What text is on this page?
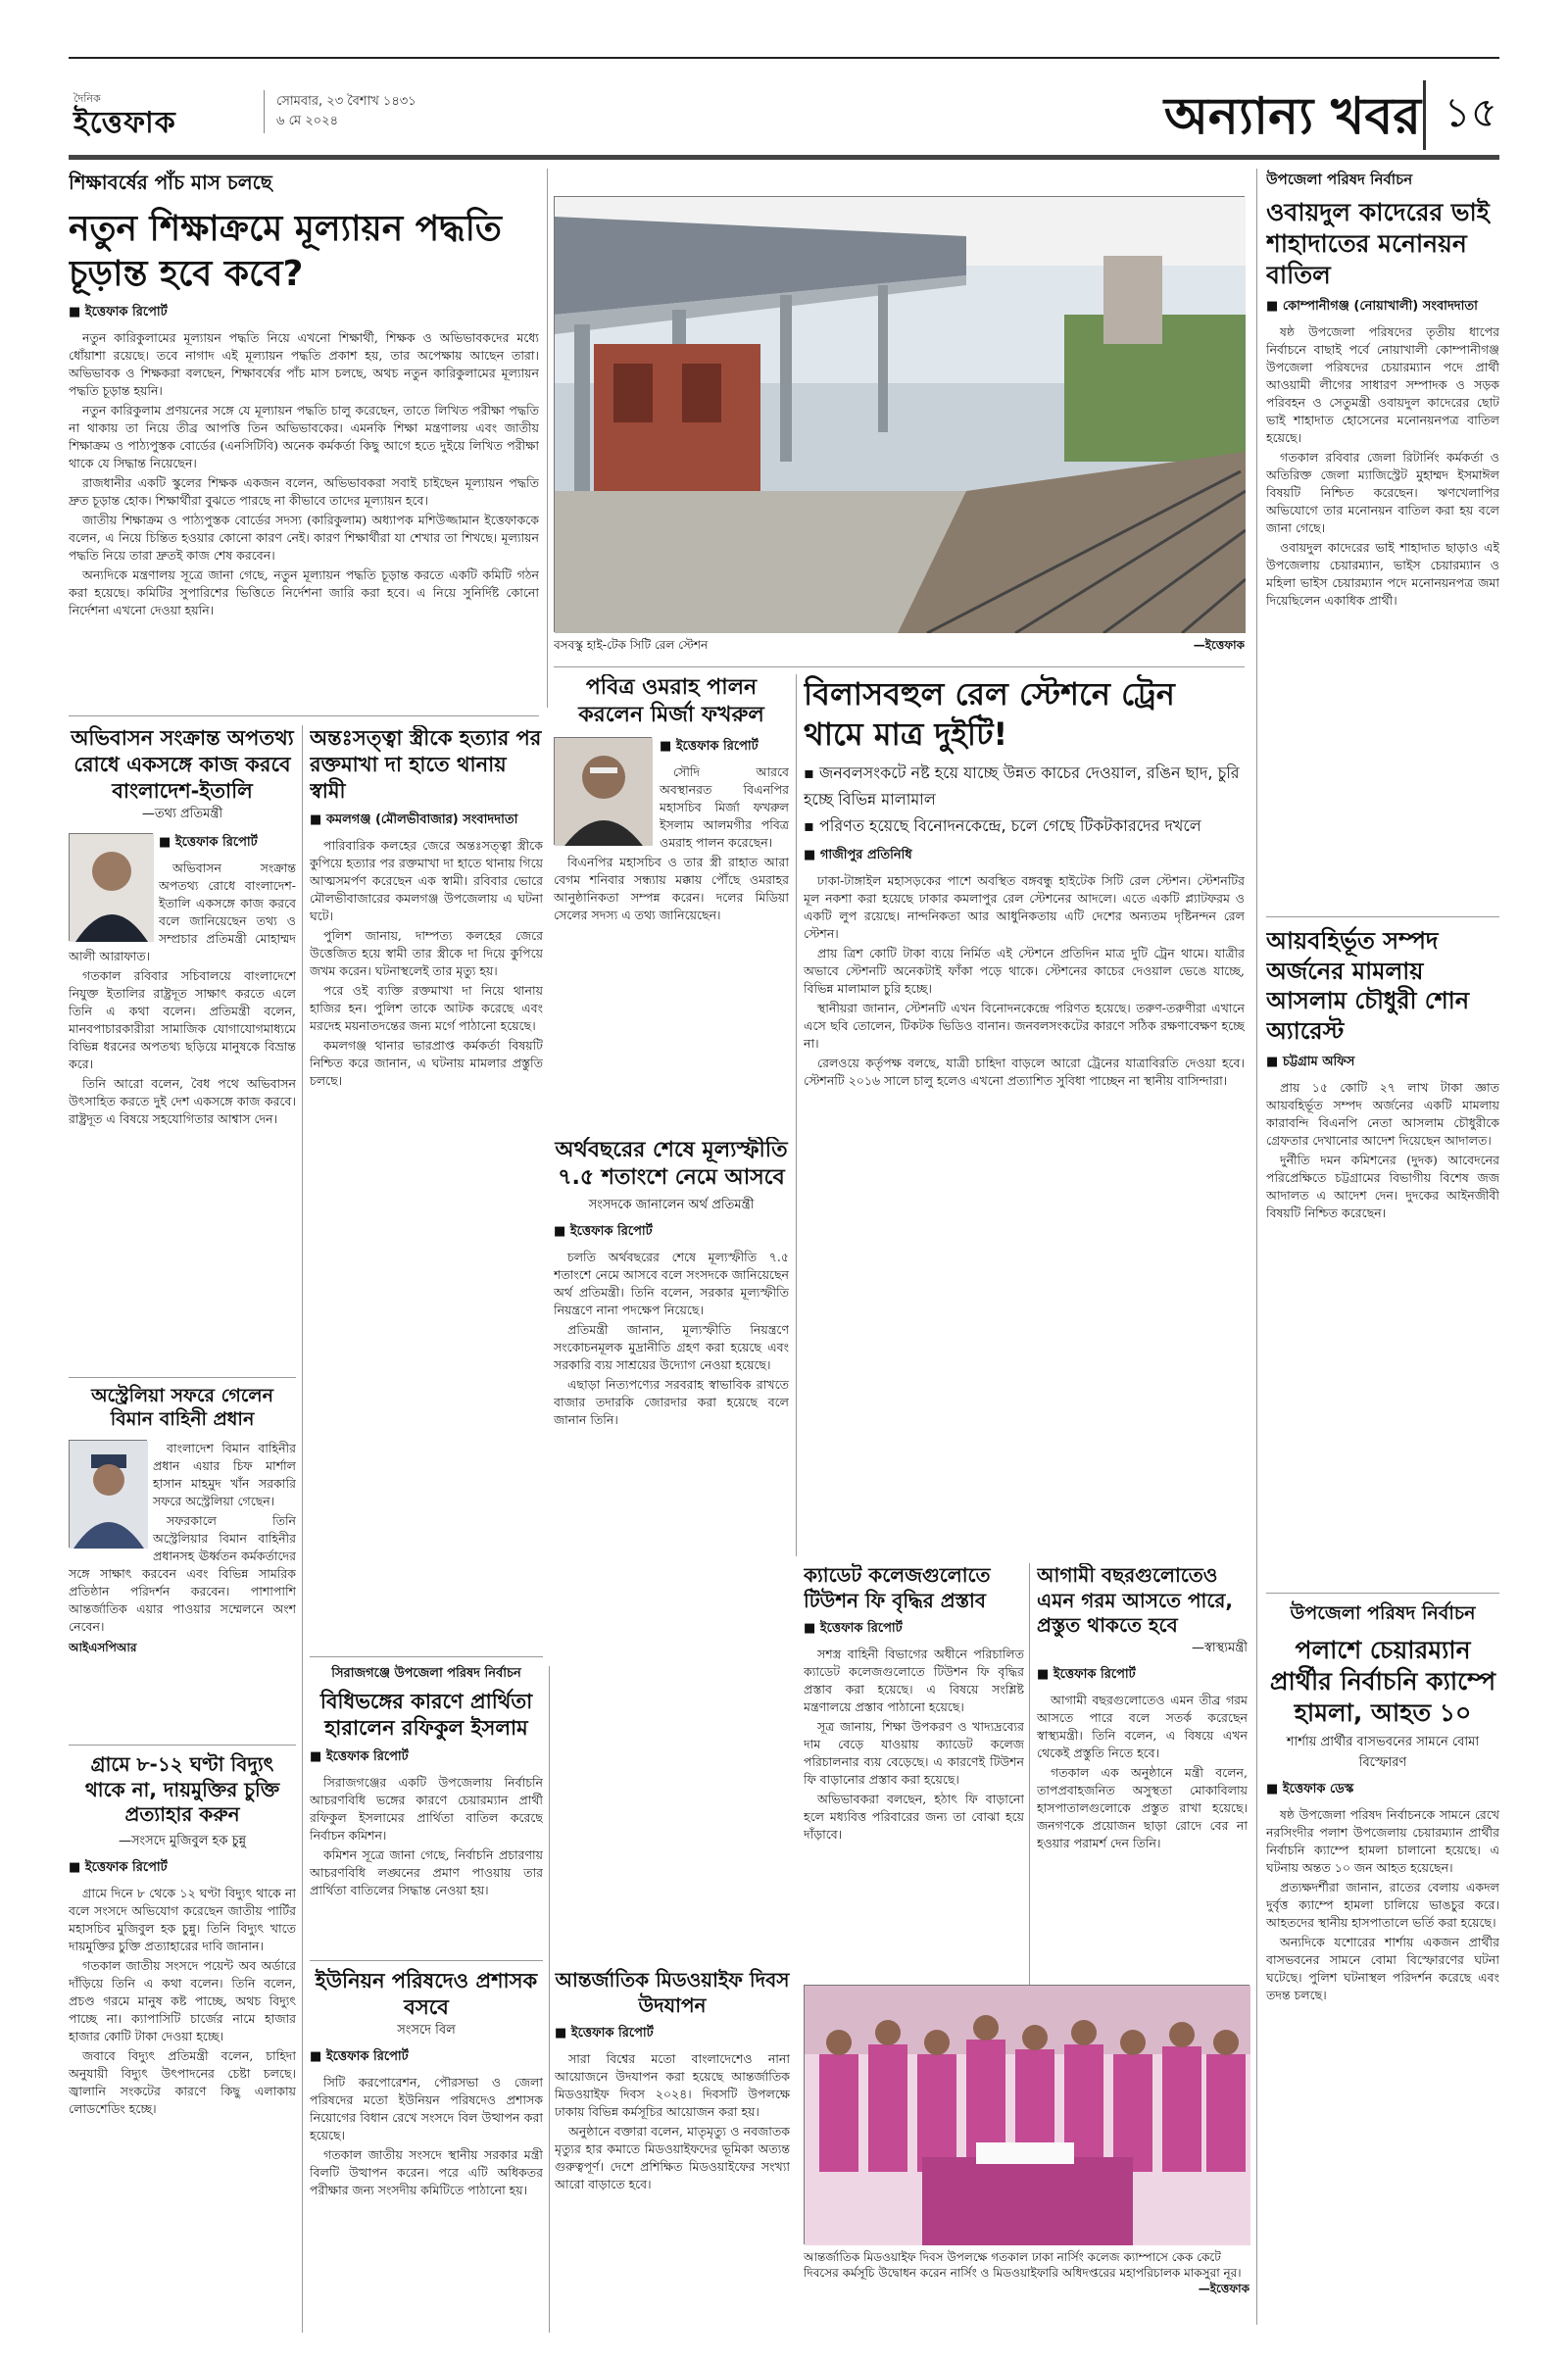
দৈনিক
ইত্তেফাক
সোমবার, ২৩ বৈশাখ ১৪৩১
৬ মে ২০২৪	অন্যান্য খবর ১৫
শিক্ষাবর্ষের পাঁচ মাস চলছে
নতুন শিক্ষাক্রমে মূল্যায়ন পদ্ধতি চূড়ান্ত হবে কবে?
■ ইত্তেফাক রিপোর্ট

নতুন কারিকুলামের মূল্যায়ন পদ্ধতি নিয়ে এখনো শিক্ষার্থী, শিক্ষক ও অভিভাবকদের মধ্যে ধোঁয়াশা রয়েছে। তবে নাগাদ এই মূল্যায়ন পদ্ধতি প্রকাশ হয়, তার অপেক্ষায় আছেন তারা। অভিভাবক ও শিক্ষকরা বলছেন, শিক্ষাবর্ষের পাঁচ মাস চলছে, অথচ নতুন কারিকুলামের মূল্যায়ন পদ্ধতি চূড়ান্ত হয়নি।

নতুন কারিকুলাম প্রণয়নের সঙ্গে যে মূল্যায়ন পদ্ধতি চালু করেছেন, তাতে লিখিত পরীক্ষা পদ্ধতি না থাকায় তা নিয়ে তীব্র আপত্তি তিন অভিভাবকের। এমনকি শিক্ষা মন্ত্রণালয় এবং জাতীয় শিক্ষাক্রম ও পাঠ্যপুস্তক বোর্ডের (এনসিটিবি) অনেক কর্মকর্তা কিছু আগে হতে দুইয়ে লিখিত পরীক্ষা থাকে যে সিদ্ধান্ত নিয়েছেন।

রাজধানীর একটি স্কুলের শিক্ষক একজন বলেন, অভিভাবকরা সবাই চাইছেন মূল্যায়ন পদ্ধতি দ্রুত চূড়ান্ত হোক। শিক্ষার্থীরা বুঝতে পারছে না কীভাবে তাদের মূল্যায়ন হবে।

জাতীয় শিক্ষাক্রম ও পাঠ্যপুস্তক বোর্ডের সদস্য (কারিকুলাম) অধ্যাপক মশিউজ্জামান ইত্তেফাককে বলেন, এ নিয়ে চিন্তিত হওয়ার কোনো কারণ নেই। কারণ শিক্ষার্থীরা যা শেখার তা শিখছে। মূল্যায়ন পদ্ধতি নিয়ে তারা দ্রুতই কাজ শেষ করবেন।

অন্যদিকে মন্ত্রণালয় সূত্রে জানা গেছে, নতুন মূল্যায়ন পদ্ধতি চূড়ান্ত করতে একটি কমিটি গঠন করা হয়েছে। কমিটির সুপারিশের ভিত্তিতে নির্দেশনা জারি করা হবে। এ নিয়ে সুনির্দিষ্ট কোনো নির্দেশনা এখনো দেওয়া হয়নি।

বসবস্কু হাই-টেক সিটি রেল স্টেশন	—ইত্তেফাক
উপজেলা পরিষদ নির্বাচন
ওবায়দুল কাদেরের ভাই শাহাদাতের মনোনয়ন বাতিল
■ কোম্পানীগঞ্জ (নোয়াখালী) সংবাদদাতা

ষষ্ঠ উপজেলা পরিষদের তৃতীয় ধাপের নির্বাচনে বাছাই পর্বে নোয়াখালী কোম্পানীগঞ্জ উপজেলা পরিষদের চেয়ারম্যান পদে প্রার্থী আওয়ামী লীগের সাধারণ সম্পাদক ও সড়ক পরিবহন ও সেতুমন্ত্রী ওবায়দুল কাদেরের ছোট ভাই শাহাদাত হোসেনের মনোনয়নপত্র বাতিল হয়েছে।

গতকাল রবিবার জেলা রিটার্নিং কর্মকর্তা ও অতিরিক্ত জেলা ম্যাজিস্ট্রেট মুহাম্মদ ইসমাঈল বিষয়টি নিশ্চিত করেছেন। ঋণখেলাপির অভিযোগে তার মনোনয়ন বাতিল করা হয় বলে জানা গেছে।

ওবায়দুল কাদেরের ভাই শাহাদাত ছাড়াও এই উপজেলায় চেয়ারম্যান, ভাইস চেয়ারম্যান ও মহিলা ভাইস চেয়ারম্যান পদে মনোনয়নপত্র জমা দিয়েছিলেন একাধিক প্রার্থী।

আয়বহির্ভূত সম্পদ অর্জনের মামলায় আসলাম চৌধুরী শোন অ্যারেস্ট
■ চট্টগ্রাম অফিস

প্রায় ১৫ কোটি ২৭ লাখ টাকা জ্ঞাত আয়বহির্ভূত সম্পদ অর্জনের একটি মামলায় কারাবন্দি বিএনপি নেতা আসলাম চৌধুরীকে গ্রেফতার দেখানোর আদেশ দিয়েছেন আদালত।

দুর্নীতি দমন কমিশনের (দুদক) আবেদনের পরিপ্রেক্ষিতে চট্টগ্রামের বিভাগীয় বিশেষ জজ আদালত এ আদেশ দেন। দুদকের আইনজীবী বিষয়টি নিশ্চিত করেছেন।

উপজেলা পরিষদ নির্বাচন
পলাশে চেয়ারম্যান প্রার্থীর নির্বাচনি ক্যাম্পে হামলা, আহত ১০
শার্শায় প্রার্থীর বাসভবনের সামনে বোমা বিস্ফোরণ
■ ইত্তেফাক ডেস্ক

ষষ্ঠ উপজেলা পরিষদ নির্বাচনকে সামনে রেখে নরসিংদীর পলাশ উপজেলায় চেয়ারম্যান প্রার্থীর নির্বাচনি ক্যাম্পে হামলা চালানো হয়েছে। এ ঘটনায় অন্তত ১০ জন আহত হয়েছেন।

প্রত্যক্ষদর্শীরা জানান, রাতের বেলায় একদল দুর্বৃত্ত ক্যাম্পে হামলা চালিয়ে ভাঙচুর করে। আহতদের স্থানীয় হাসপাতালে ভর্তি করা হয়েছে।

অন্যদিকে যশোরের শার্শায় একজন প্রার্থীর বাসভবনের সামনে বোমা বিস্ফোরণের ঘটনা ঘটেছে। পুলিশ ঘটনাস্থল পরিদর্শন করেছে এবং তদন্ত চলছে।

পবিত্র ওমরাহ পালন করলেন মির্জা ফখরুল
■ ইত্তেফাক রিপোর্ট

সৌদি আরবে অবস্থানরত বিএনপির মহাসচিব মির্জা ফখরুল ইসলাম আলমগীর পবিত্র ওমরাহ পালন করেছেন।

বিএনপির মহাসচিব ও তার স্ত্রী রাহাত আরা বেগম শনিবার সন্ধ্যায় মক্কায় পৌঁছে ওমরাহর আনুষ্ঠানিকতা সম্পন্ন করেন। দলের মিডিয়া সেলের সদস্য এ তথ্য জানিয়েছেন।

অর্থবছরের শেষে মূল্যস্ফীতি ৭.৫ শতাংশে নেমে আসবে
সংসদকে জানালেন অর্থ প্রতিমন্ত্রী
■ ইত্তেফাক রিপোর্ট

চলতি অর্থবছরের শেষে মূল্যস্ফীতি ৭.৫ শতাংশে নেমে আসবে বলে সংসদকে জানিয়েছেন অর্থ প্রতিমন্ত্রী। তিনি বলেন, সরকার মূল্যস্ফীতি নিয়ন্ত্রণে নানা পদক্ষেপ নিয়েছে।

প্রতিমন্ত্রী জানান, মূল্যস্ফীতি নিয়ন্ত্রণে সংকোচনমূলক মুদ্রানীতি গ্রহণ করা হয়েছে এবং সরকারি ব্যয় সাশ্রয়ের উদ্যোগ নেওয়া হয়েছে।

এছাড়া নিত্যপণ্যের সরবরাহ স্বাভাবিক রাখতে বাজার তদারকি জোরদার করা হয়েছে বলে জানান তিনি।

বিলাসবহুল রেল স্টেশনে ট্রেন থামে মাত্র দুইটি!
▪ জনবলসংকটে নষ্ট হয়ে যাচ্ছে উন্নত কাচের দেওয়াল, রঙিন ছাদ, চুরি হচ্ছে বিভিন্ন মালামাল
▪ পরিণত হয়েছে বিনোদনকেন্দ্রে, চলে গেছে টিকটকারদের দখলে
■ গাজীপুর প্রতিনিধি

ঢাকা-টাঙ্গাইল মহাসড়কের পাশে অবস্থিত বঙ্গবন্ধু হাইটেক সিটি রেল স্টেশন। স্টেশনটির মূল নকশা করা হয়েছে ঢাকার কমলাপুর রেল স্টেশনের আদলে। এতে একটি প্ল্যাটফরম ও একটি লুপ রয়েছে। নান্দনিকতা আর আধুনিকতায় এটি দেশের অন্যতম দৃষ্টিনন্দন রেল স্টেশন।

প্রায় ত্রিশ কোটি টাকা ব্যয়ে নির্মিত এই স্টেশনে প্রতিদিন মাত্র দুটি ট্রেন থামে। যাত্রীর অভাবে স্টেশনটি অনেকটাই ফাঁকা পড়ে থাকে। স্টেশনের কাচের দেওয়াল ভেঙে যাচ্ছে, বিভিন্ন মালামাল চুরি হচ্ছে।

স্থানীয়রা জানান, স্টেশনটি এখন বিনোদনকেন্দ্রে পরিণত হয়েছে। তরুণ-তরুণীরা এখানে এসে ছবি তোলেন, টিকটক ভিডিও বানান। জনবলসংকটের কারণে সঠিক রক্ষণাবেক্ষণ হচ্ছে না।

রেলওয়ে কর্তৃপক্ষ বলছে, যাত্রী চাহিদা বাড়লে আরো ট্রেনের যাত্রাবিরতি দেওয়া হবে। স্টেশনটি ২০১৬ সালে চালু হলেও এখনো প্রত্যাশিত সুবিধা পাচ্ছেন না স্থানীয় বাসিন্দারা।

অভিবাসন সংক্রান্ত অপতথ্য রোধে একসঙ্গে কাজ করবে বাংলাদেশ-ইতালি
—তথ্য প্রতিমন্ত্রী
■ ইত্তেফাক রিপোর্ট

অভিবাসন সংক্রান্ত অপতথ্য রোধে বাংলাদেশ-ইতালি একসঙ্গে কাজ করবে বলে জানিয়েছেন তথ্য ও সম্প্রচার প্রতিমন্ত্রী মোহাম্মদ আলী আরাফাত।

গতকাল রবিবার সচিবালয়ে বাংলাদেশে নিযুক্ত ইতালির রাষ্ট্রদূত সাক্ষাৎ করতে এলে তিনি এ কথা বলেন। প্রতিমন্ত্রী বলেন, মানবপাচারকারীরা সামাজিক যোগাযোগমাধ্যমে বিভিন্ন ধরনের অপতথ্য ছড়িয়ে মানুষকে বিভ্রান্ত করে।

তিনি আরো বলেন, বৈধ পথে অভিবাসন উৎসাহিত করতে দুই দেশ একসঙ্গে কাজ করবে। রাষ্ট্রদূত এ বিষয়ে সহযোগিতার আশ্বাস দেন।

অন্তঃসত্ত্বা স্ত্রীকে হত্যার পর রক্তমাখা দা হাতে থানায় স্বামী
■ কমলগঞ্জ (মৌলভীবাজার) সংবাদদাতা

পারিবারিক কলহের জেরে অন্তঃসত্ত্বা স্ত্রীকে কুপিয়ে হত্যার পর রক্তমাখা দা হাতে থানায় গিয়ে আত্মসমর্পণ করেছেন এক স্বামী। রবিবার ভোরে মৌলভীবাজারের কমলগঞ্জ উপজেলায় এ ঘটনা ঘটে।

পুলিশ জানায়, দাম্পত্য কলহের জেরে উত্তেজিত হয়ে স্বামী তার স্ত্রীকে দা দিয়ে কুপিয়ে জখম করেন। ঘটনাস্থলেই তার মৃত্যু হয়।

পরে ওই ব্যক্তি রক্তমাখা দা নিয়ে থানায় হাজির হন। পুলিশ তাকে আটক করেছে এবং মরদেহ ময়নাতদন্তের জন্য মর্গে পাঠানো হয়েছে।

কমলগঞ্জ থানার ভারপ্রাপ্ত কর্মকর্তা বিষয়টি নিশ্চিত করে জানান, এ ঘটনায় মামলার প্রস্তুতি চলছে।

অস্ট্রেলিয়া সফরে গেলেন বিমান বাহিনী প্রধান

বাংলাদেশ বিমান বাহিনীর প্রধান এয়ার চিফ মার্শাল হাসান মাহমুদ খাঁন সরকারি সফরে অস্ট্রেলিয়া গেছেন।

সফরকালে তিনি অস্ট্রেলিয়ার বিমান বাহিনীর প্রধানসহ ঊর্ধ্বতন কর্মকর্তাদের সঙ্গে সাক্ষাৎ করবেন এবং বিভিন্ন সামরিক প্রতিষ্ঠান পরিদর্শন করবেন। পাশাপাশি আন্তর্জাতিক এয়ার পাওয়ার সম্মেলনে অংশ নেবেন।

আইএসপিআর
গ্রামে ৮-১২ ঘণ্টা বিদ্যুৎ থাকে না, দায়মুক্তির চুক্তি প্রত্যাহার করুন
—সংসদে মুজিবুল হক চুন্নু
■ ইত্তেফাক রিপোর্ট

গ্রামে দিনে ৮ থেকে ১২ ঘণ্টা বিদ্যুৎ থাকে না বলে সংসদে অভিযোগ করেছেন জাতীয় পার্টির মহাসচিব মুজিবুল হক চুন্নু। তিনি বিদ্যুৎ খাতে দায়মুক্তির চুক্তি প্রত্যাহারের দাবি জানান।

গতকাল জাতীয় সংসদে পয়েন্ট অব অর্ডারে দাঁড়িয়ে তিনি এ কথা বলেন। তিনি বলেন, প্রচণ্ড গরমে মানুষ কষ্ট পাচ্ছে, অথচ বিদ্যুৎ পাচ্ছে না। ক্যাপাসিটি চার্জের নামে হাজার হাজার কোটি টাকা দেওয়া হচ্ছে।

জবাবে বিদ্যুৎ প্রতিমন্ত্রী বলেন, চাহিদা অনুযায়ী বিদ্যুৎ উৎপাদনের চেষ্টা চলছে। জ্বালানি সংকটের কারণে কিছু এলাকায় লোডশেডিং হচ্ছে।

সিরাজগঞ্জে উপজেলা পরিষদ নির্বাচন
বিধিভঙ্গের কারণে প্রার্থিতা হারালেন রফিকুল ইসলাম
■ ইত্তেফাক রিপোর্ট

সিরাজগঞ্জের একটি উপজেলায় নির্বাচনি আচরণবিধি ভঙ্গের কারণে চেয়ারম্যান প্রার্থী রফিকুল ইসলামের প্রার্থিতা বাতিল করেছে নির্বাচন কমিশন।

কমিশন সূত্রে জানা গেছে, নির্বাচনি প্রচারণায় আচরণবিধি লঙ্ঘনের প্রমাণ পাওয়ায় তার প্রার্থিতা বাতিলের সিদ্ধান্ত নেওয়া হয়।

ইউনিয়ন পরিষদেও প্রশাসক বসবে
সংসদে বিল
■ ইত্তেফাক রিপোর্ট

সিটি করপোরেশন, পৌরসভা ও জেলা পরিষদের মতো ইউনিয়ন পরিষদেও প্রশাসক নিয়োগের বিধান রেখে সংসদে বিল উত্থাপন করা হয়েছে।

গতকাল জাতীয় সংসদে স্থানীয় সরকার মন্ত্রী বিলটি উত্থাপন করেন। পরে এটি অধিকতর পরীক্ষার জন্য সংসদীয় কমিটিতে পাঠানো হয়।

আন্তর্জাতিক মিডওয়াইফ দিবস উদযাপন
■ ইত্তেফাক রিপোর্ট

সারা বিশ্বের মতো বাংলাদেশেও নানা আয়োজনে উদযাপন করা হয়েছে আন্তর্জাতিক মিডওয়াইফ দিবস ২০২৪। দিবসটি উপলক্ষে ঢাকায় বিভিন্ন কর্মসূচির আয়োজন করা হয়।

অনুষ্ঠানে বক্তারা বলেন, মাতৃমৃত্যু ও নবজাতক মৃত্যুর হার কমাতে মিডওয়াইফদের ভূমিকা অত্যন্ত গুরুত্বপূর্ণ। দেশে প্রশিক্ষিত মিডওয়াইফের সংখ্যা আরো বাড়াতে হবে।

ক্যাডেট কলেজগুলোতে টিউশন ফি বৃদ্ধির প্রস্তাব
■ ইত্তেফাক রিপোর্ট

সশস্ত্র বাহিনী বিভাগের অধীনে পরিচালিত ক্যাডেট কলেজগুলোতে টিউশন ফি বৃদ্ধির প্রস্তাব করা হয়েছে। এ বিষয়ে সংশ্লিষ্ট মন্ত্রণালয়ে প্রস্তাব পাঠানো হয়েছে।

সূত্র জানায়, শিক্ষা উপকরণ ও খাদ্যদ্রব্যের দাম বেড়ে যাওয়ায় ক্যাডেট কলেজ পরিচালনার ব্যয় বেড়েছে। এ কারণেই টিউশন ফি বাড়ানোর প্রস্তাব করা হয়েছে।

অভিভাবকরা বলছেন, হঠাৎ ফি বাড়ানো হলে মধ্যবিত্ত পরিবারের জন্য তা বোঝা হয়ে দাঁড়াবে।

আগামী বছরগুলোতেও এমন গরম আসতে পারে, প্রস্তুত থাকতে হবে
—স্বাস্থ্যমন্ত্রী
■ ইত্তেফাক রিপোর্ট

আগামী বছরগুলোতেও এমন তীব্র গরম আসতে পারে বলে সতর্ক করেছেন স্বাস্থ্যমন্ত্রী। তিনি বলেন, এ বিষয়ে এখন থেকেই প্রস্তুতি নিতে হবে।

গতকাল এক অনুষ্ঠানে মন্ত্রী বলেন, তাপপ্রবাহজনিত অসুস্থতা মোকাবিলায় হাসপাতালগুলোকে প্রস্তুত রাখা হয়েছে। জনগণকে প্রয়োজন ছাড়া রোদে বের না হওয়ার পরামর্শ দেন তিনি।

আন্তর্জাতিক মিডওয়াইফ দিবস উপলক্ষে গতকাল ঢাকা নার্সিং কলেজ ক্যাম্পাসে কেক কেটে দিবসের কর্মসূচি উদ্বোধন করেন নার্সিং ও মিডওয়াইফারি অধিদপ্তরের মহাপরিচালক মাকসুরা নূর।
—ইত্তেফাক
